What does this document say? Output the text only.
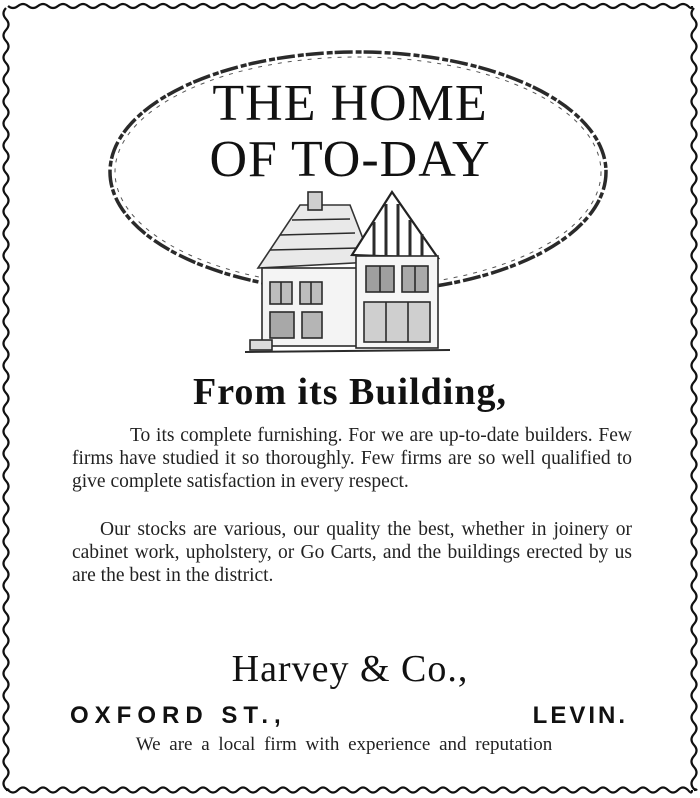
THE HOME
OF TO-DAY
From its Building,
To its complete furnishing. For we are up-to-date builders. Few firms have studied it so thoroughly. Few firms are so well qualified to give complete satisfaction in every respect.
Our stocks are various, our quality the best, whether in joinery or cabinet work, upholstery, or Go Carts, and the buildings erected by us are the best in the district.
Harvey & Co.,
OXFORD ST.,	LEVIN.
We are a local firm with experience and reputation
